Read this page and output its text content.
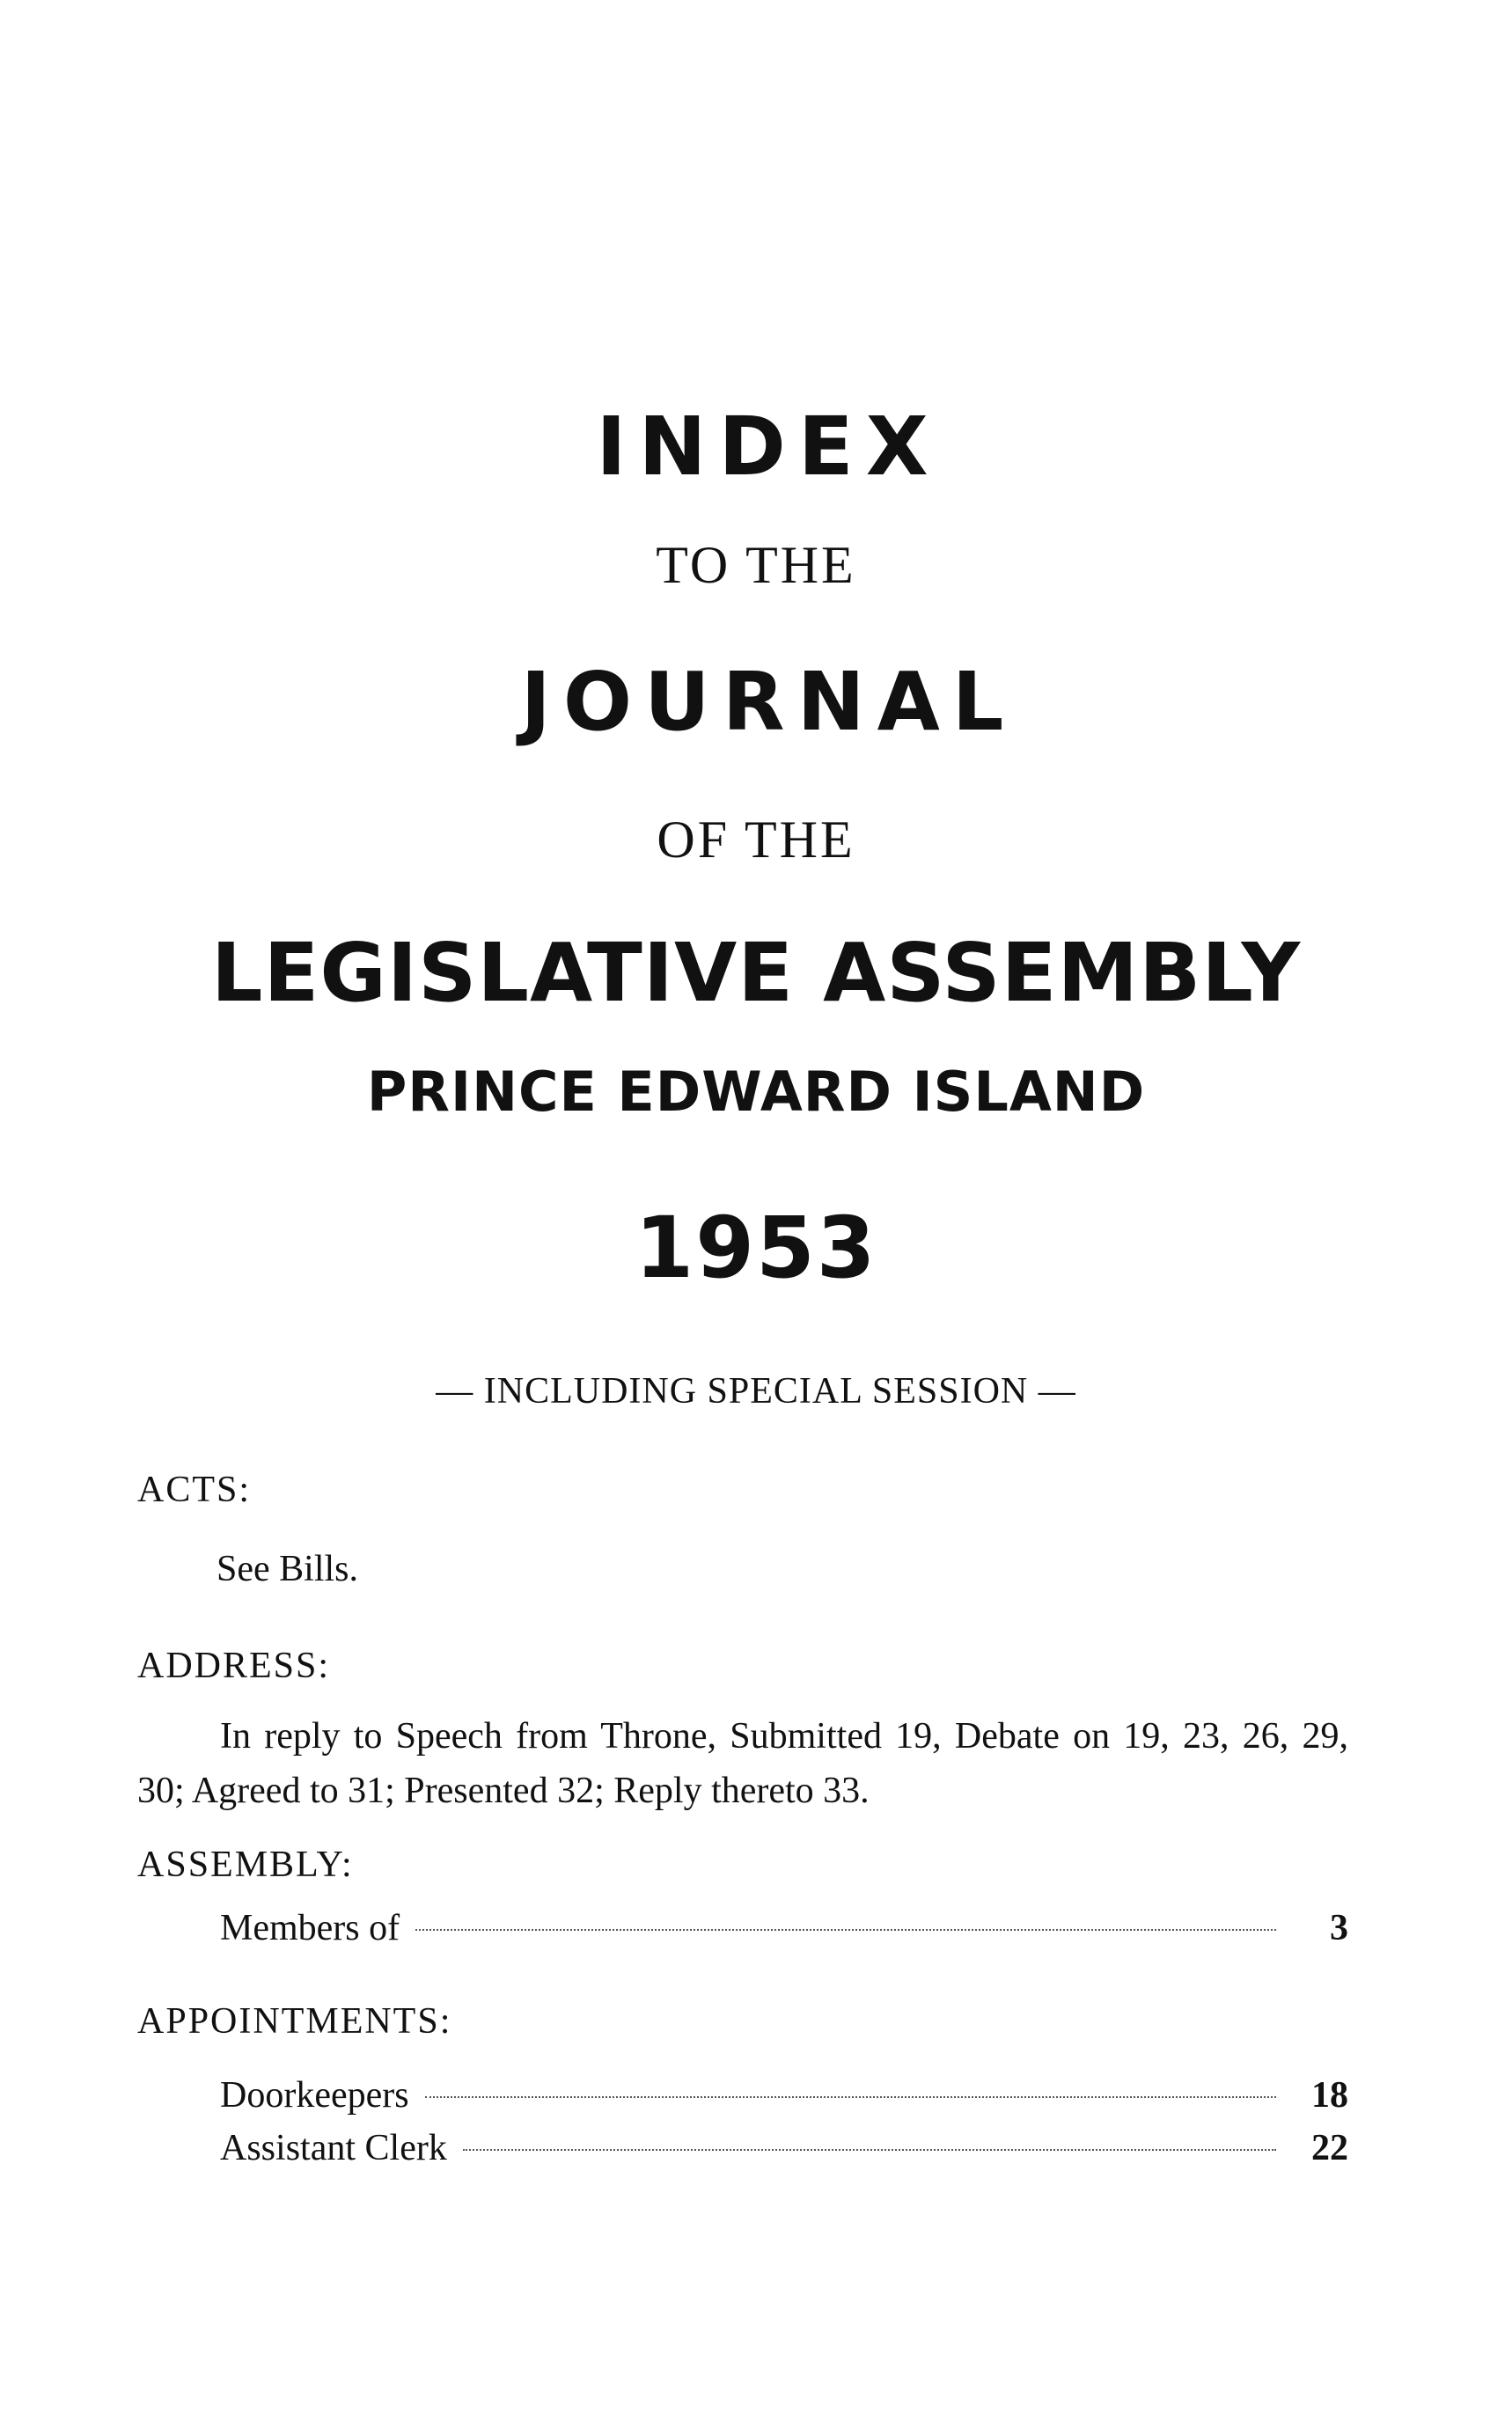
INDEX
TO THE
JOURNAL
OF THE
LEGISLATIVE ASSEMBLY
PRINCE EDWARD ISLAND
1953
— INCLUDING SPECIAL SESSION —
ACTS:
See Bills.
ADDRESS:
In reply to Speech from Throne, Submitted 19, Debate on 19, 23, 26, 29, 30; Agreed to 31; Presented 32; Reply thereto 33.
ASSEMBLY:
Members of	3
APPOINTMENTS:
Doorkeepers	18
Assistant Clerk	22
